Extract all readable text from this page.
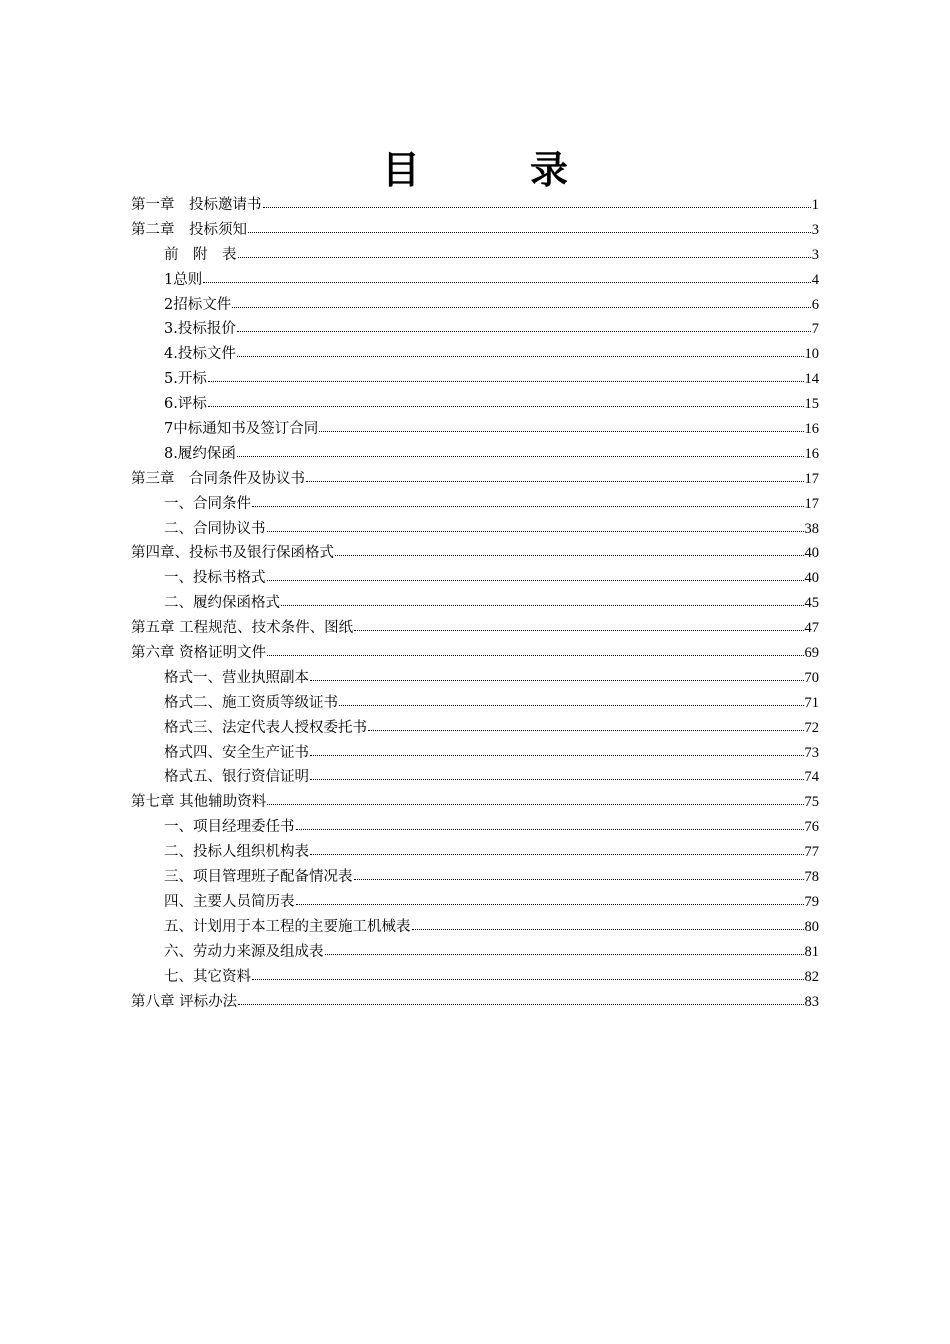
目　录
第一章　投标邀请书	1
第二章　投标须知	3
前　附　表	3
1总则	4
2招标文件	6
3.投标报价	7
4.投标文件	10
5.开标	14
6.评标	15
7中标通知书及签订合同	16
8.履约保函	16
第三章　合同条件及协议书	17
一、合同条件	17
二、合同协议书	38
第四章、投标书及银行保函格式	40
一、投标书格式	40
二、履约保函格式	45
第五章 工程规范、技术条件、图纸	47
第六章 资格证明文件	69
格式一、营业执照副本	70
格式二、施工资质等级证书	71
格式三、法定代表人授权委托书	72
格式四、安全生产证书	73
格式五、银行资信证明	74
第七章 其他辅助资料	75
一、项目经理委任书	76
二、投标人组织机构表	77
三、项目管理班子配备情况表	78
四、主要人员简历表	79
五、计划用于本工程的主要施工机械表	80
六、劳动力来源及组成表	81
七、其它资料	82
第八章 评标办法	83
